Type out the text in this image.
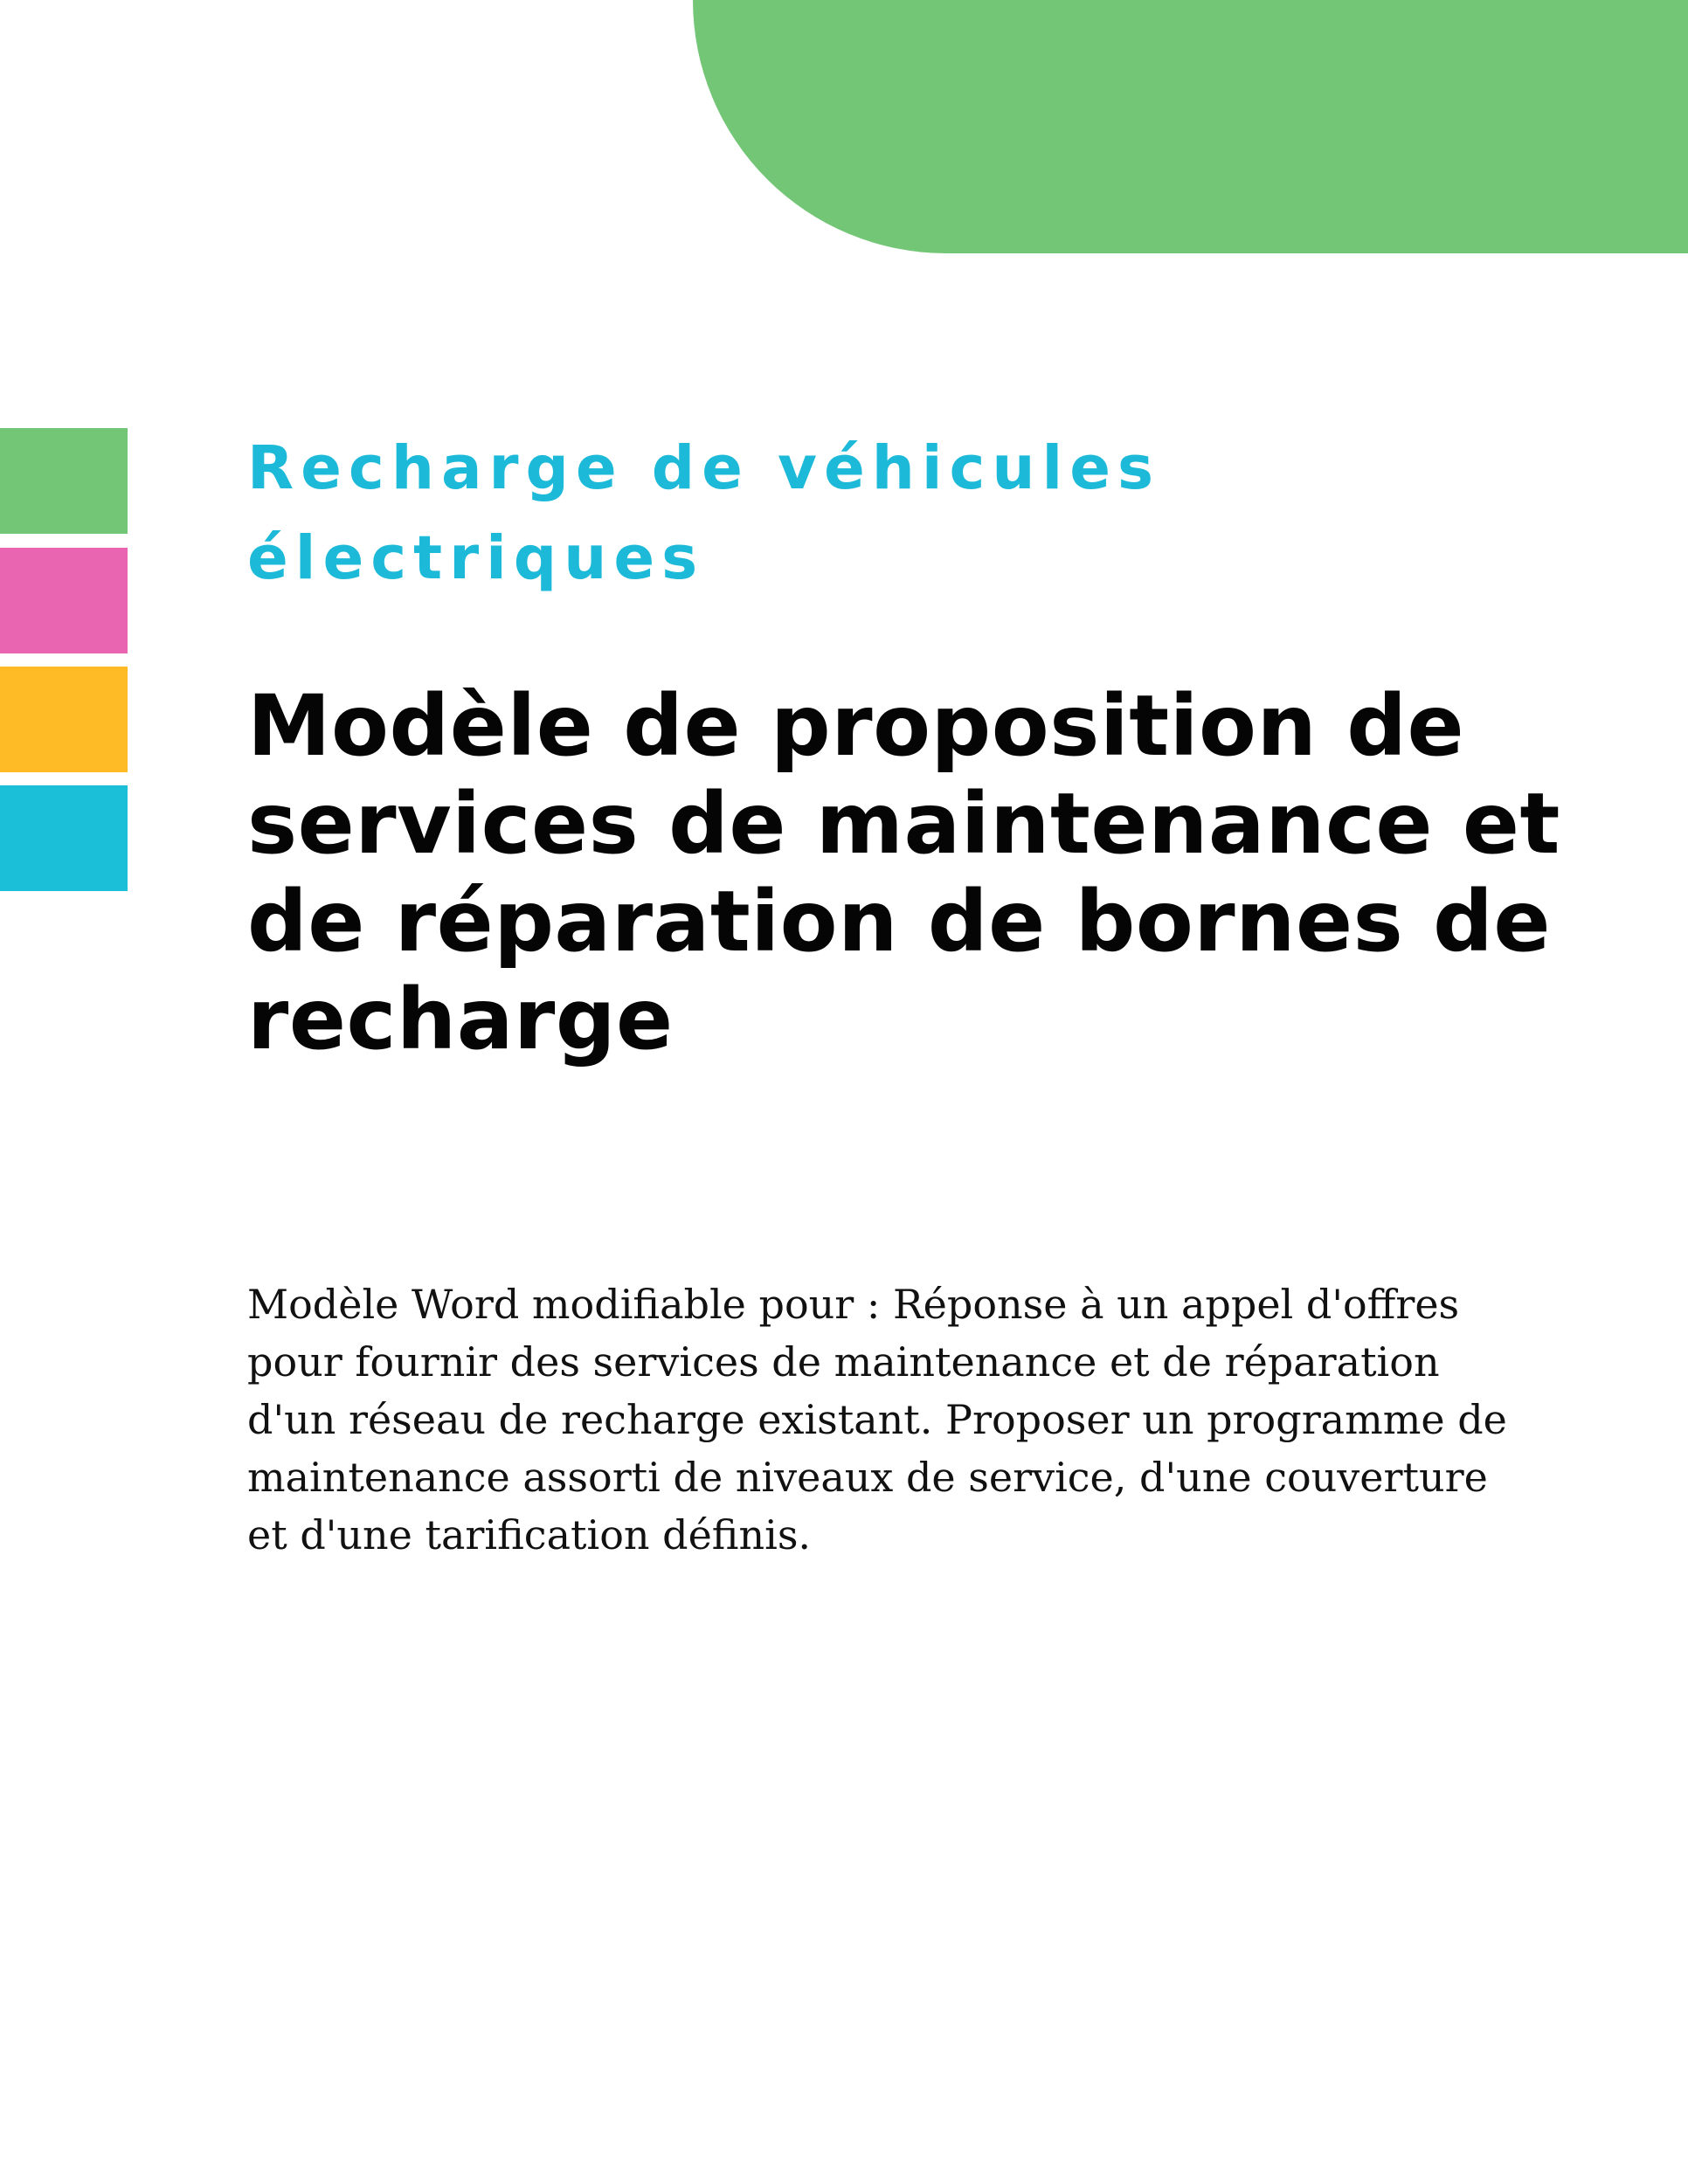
Recharge de véhicules électriques
Modèle de proposition de services de maintenance et de réparation de bornes de recharge

Modèle Word modifiable pour : Réponse à un appel d'offres pour fournir des services de maintenance et de réparation d'un réseau de recharge existant. Proposer un programme de maintenance assorti de niveaux de service, d'une couverture et d'une tarification définis.
